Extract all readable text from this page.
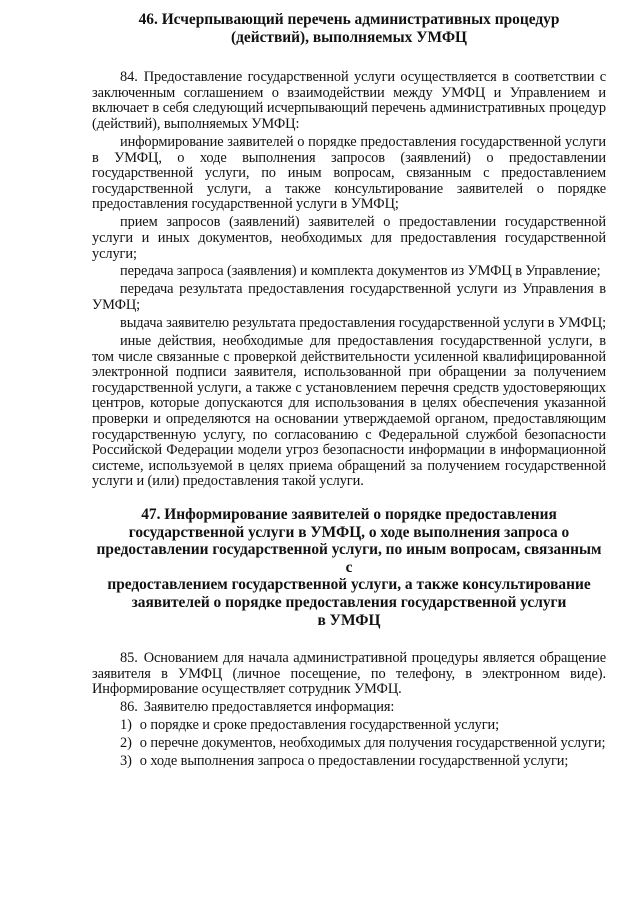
46. Исчерпывающий перечень административных процедур
(действий), выполняемых УМФЦ

84. Предоставление государственной услуги осуществляется в соответствии с заключенным соглашением о взаимодействии между УМФЦ и Управлением и включает в себя следующий исчерпывающий перечень административных процедур (действий), выполняемых УМФЦ:

информирование заявителей о порядке предоставления государственной услуги в УМФЦ, о ходе выполнения запросов (заявлений) о предоставлении государственной услуги, по иным вопросам, связанным с предоставлением государственной услуги, а также консультирование заявителей о порядке предоставления государственной услуги в УМФЦ;

прием запросов (заявлений) заявителей о предоставлении государственной услуги и иных документов, необходимых для предоставления государственной услуги;

передача запроса (заявления) и комплекта документов из УМФЦ в Управление;

передача результата предоставления государственной услуги из Управления в УМФЦ;

выдача заявителю результата предоставления государственной услуги в УМФЦ;

иные действия, необходимые для предоставления государственной услуги, в том числе связанные с проверкой действительности усиленной квалифицированной электронной подписи заявителя, использованной при обращении за получением государственной услуги, а также с установлением перечня средств удостоверяющих центров, которые допускаются для использования в целях обеспечения указанной проверки и определяются на основании утверждаемой органом, предоставляющим государственную услугу, по согласованию с Федеральной службой безопасности Российской Федерации модели угроз безопасности информации в информационной системе, используемой в целях приема обращений за получением государственной услуги и (или) предоставления такой услуги.

47. Информирование заявителей о порядке предоставления
государственной услуги в УМФЦ, о ходе выполнения запроса о
предоставлении государственной услуги, по иным вопросам, связанным с
предоставлением государственной услуги, а также консультирование
заявителей о порядке предоставления государственной услуги
в УМФЦ

85. Основанием для начала административной процедуры является обращение заявителя в УМФЦ (личное посещение, по телефону, в электронном виде). Информирование осуществляет сотрудник УМФЦ.

86. Заявителю предоставляется информация:

1) о порядке и сроке предоставления государственной услуги;

2) о перечне документов, необходимых для получения государственной услуги;

3) о ходе выполнения запроса о предоставлении государственной услуги;
